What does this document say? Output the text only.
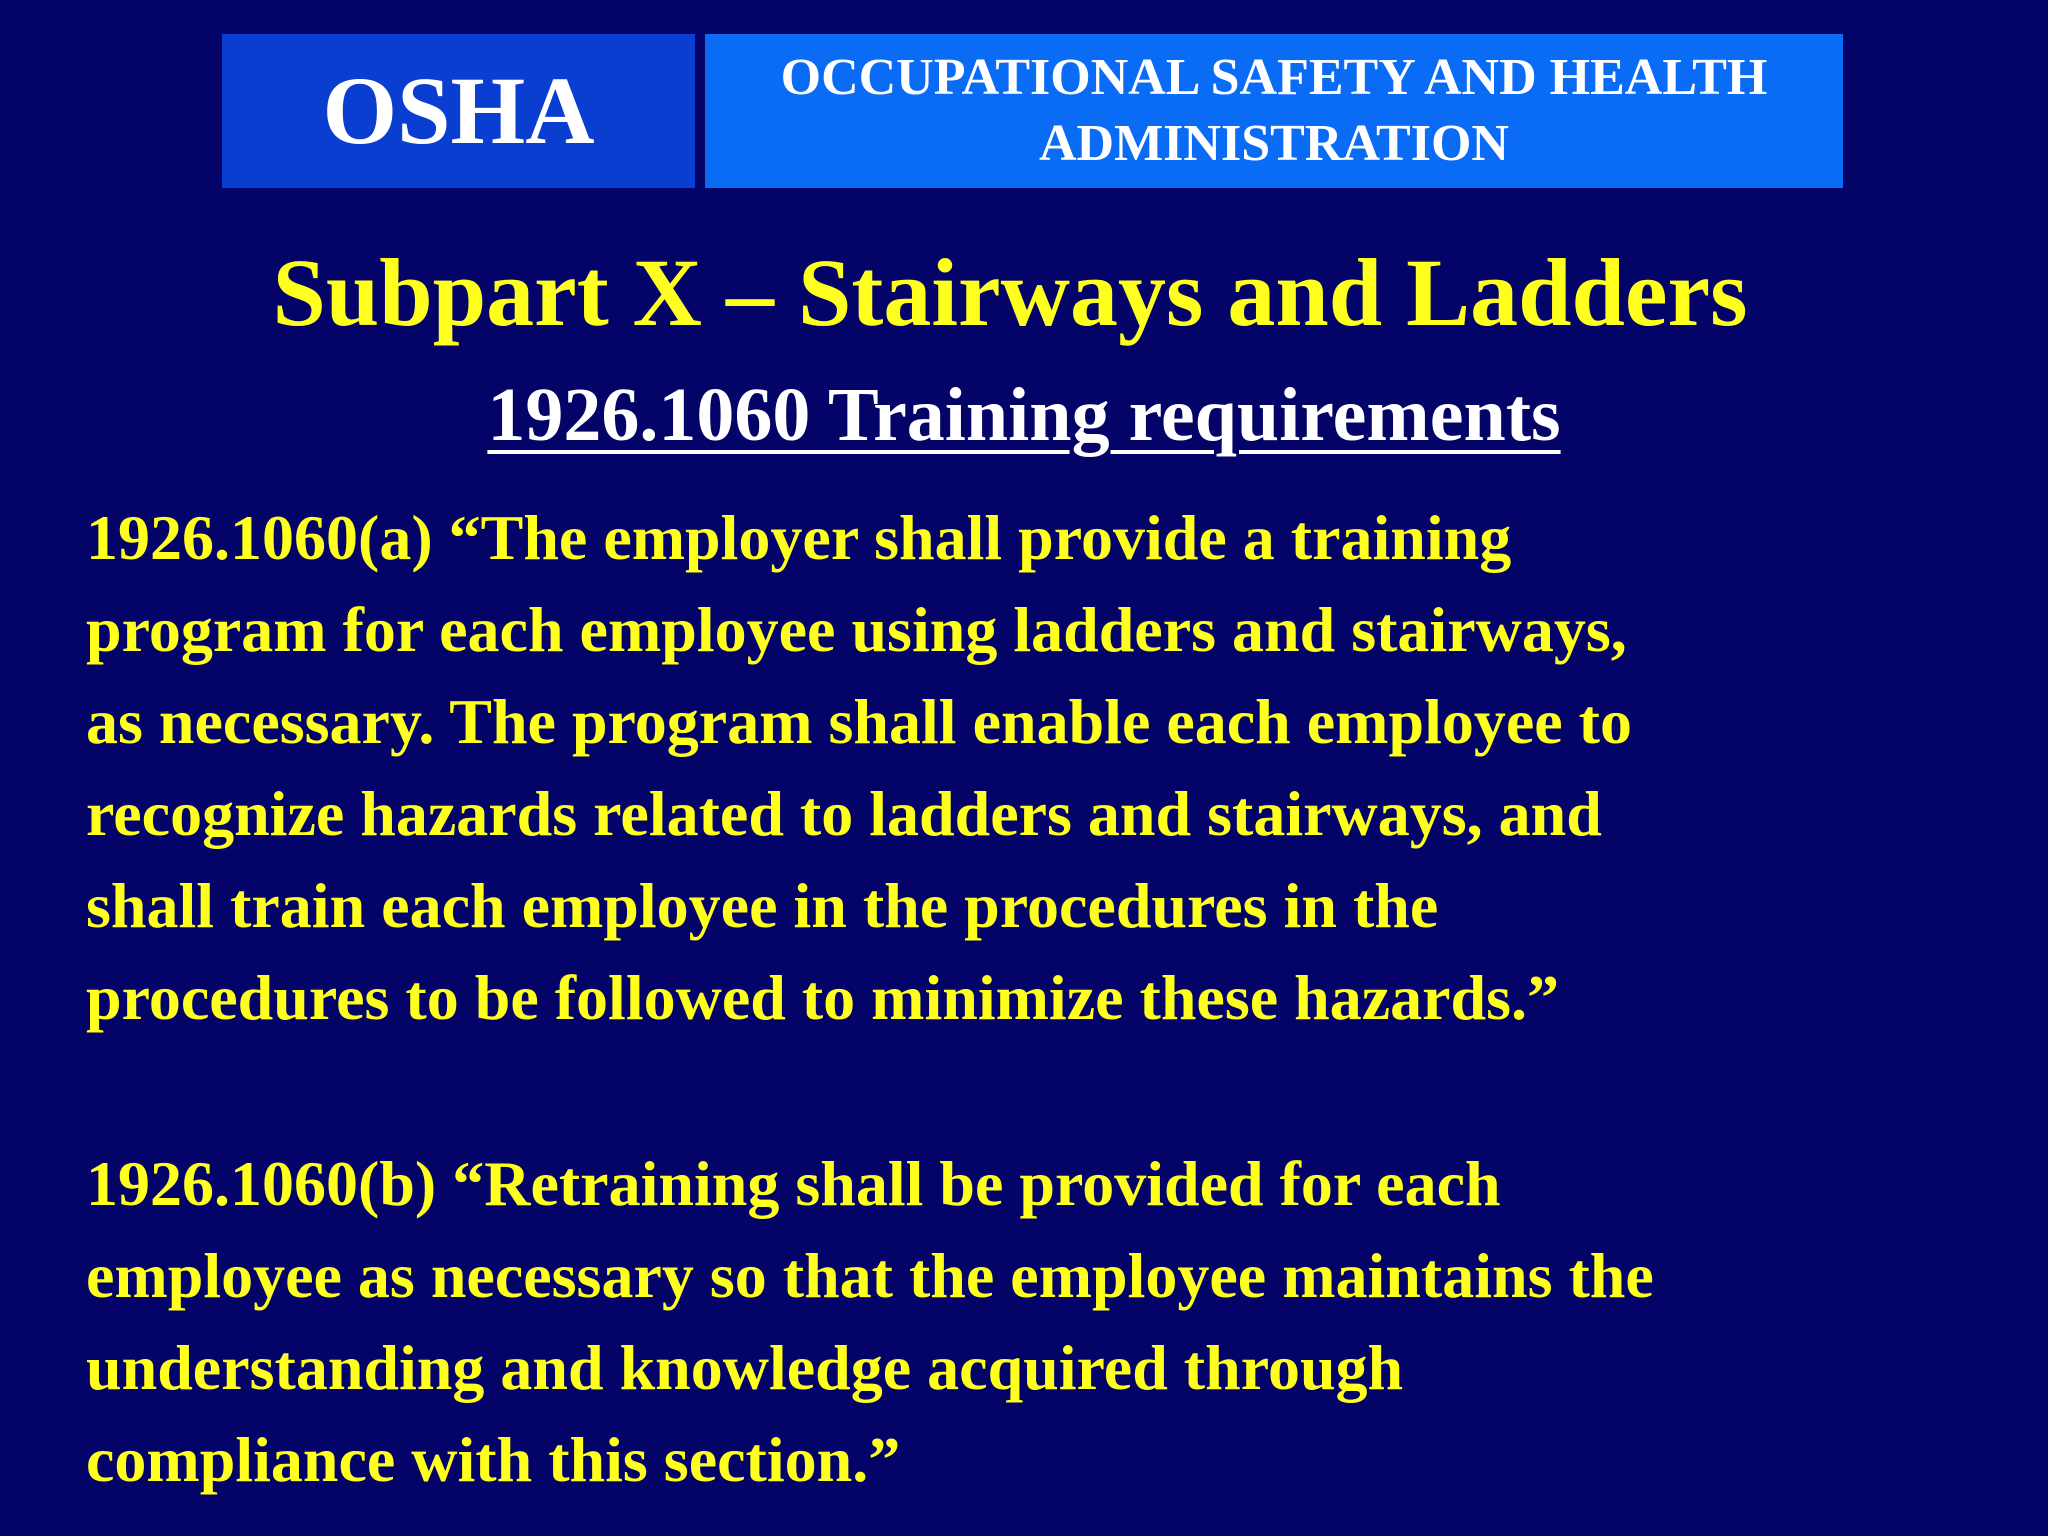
OSHA	OCCUPATIONAL SAFETY AND HEALTH
ADMINISTRATION
Subpart X – Stairways and Ladders
1926.1060 Training requirements
1926.1060(a) “The employer shall provide a training
program for each employee using ladders and stairways,
as necessary. The program shall enable each employee to
recognize hazards related to ladders and stairways, and
shall train each employee in the procedures in the
procedures to be followed to minimize these hazards.”
1926.1060(b) “Retraining shall be provided for each
employee as necessary so that the employee maintains the
understanding and knowledge acquired through
compliance with this section.”
